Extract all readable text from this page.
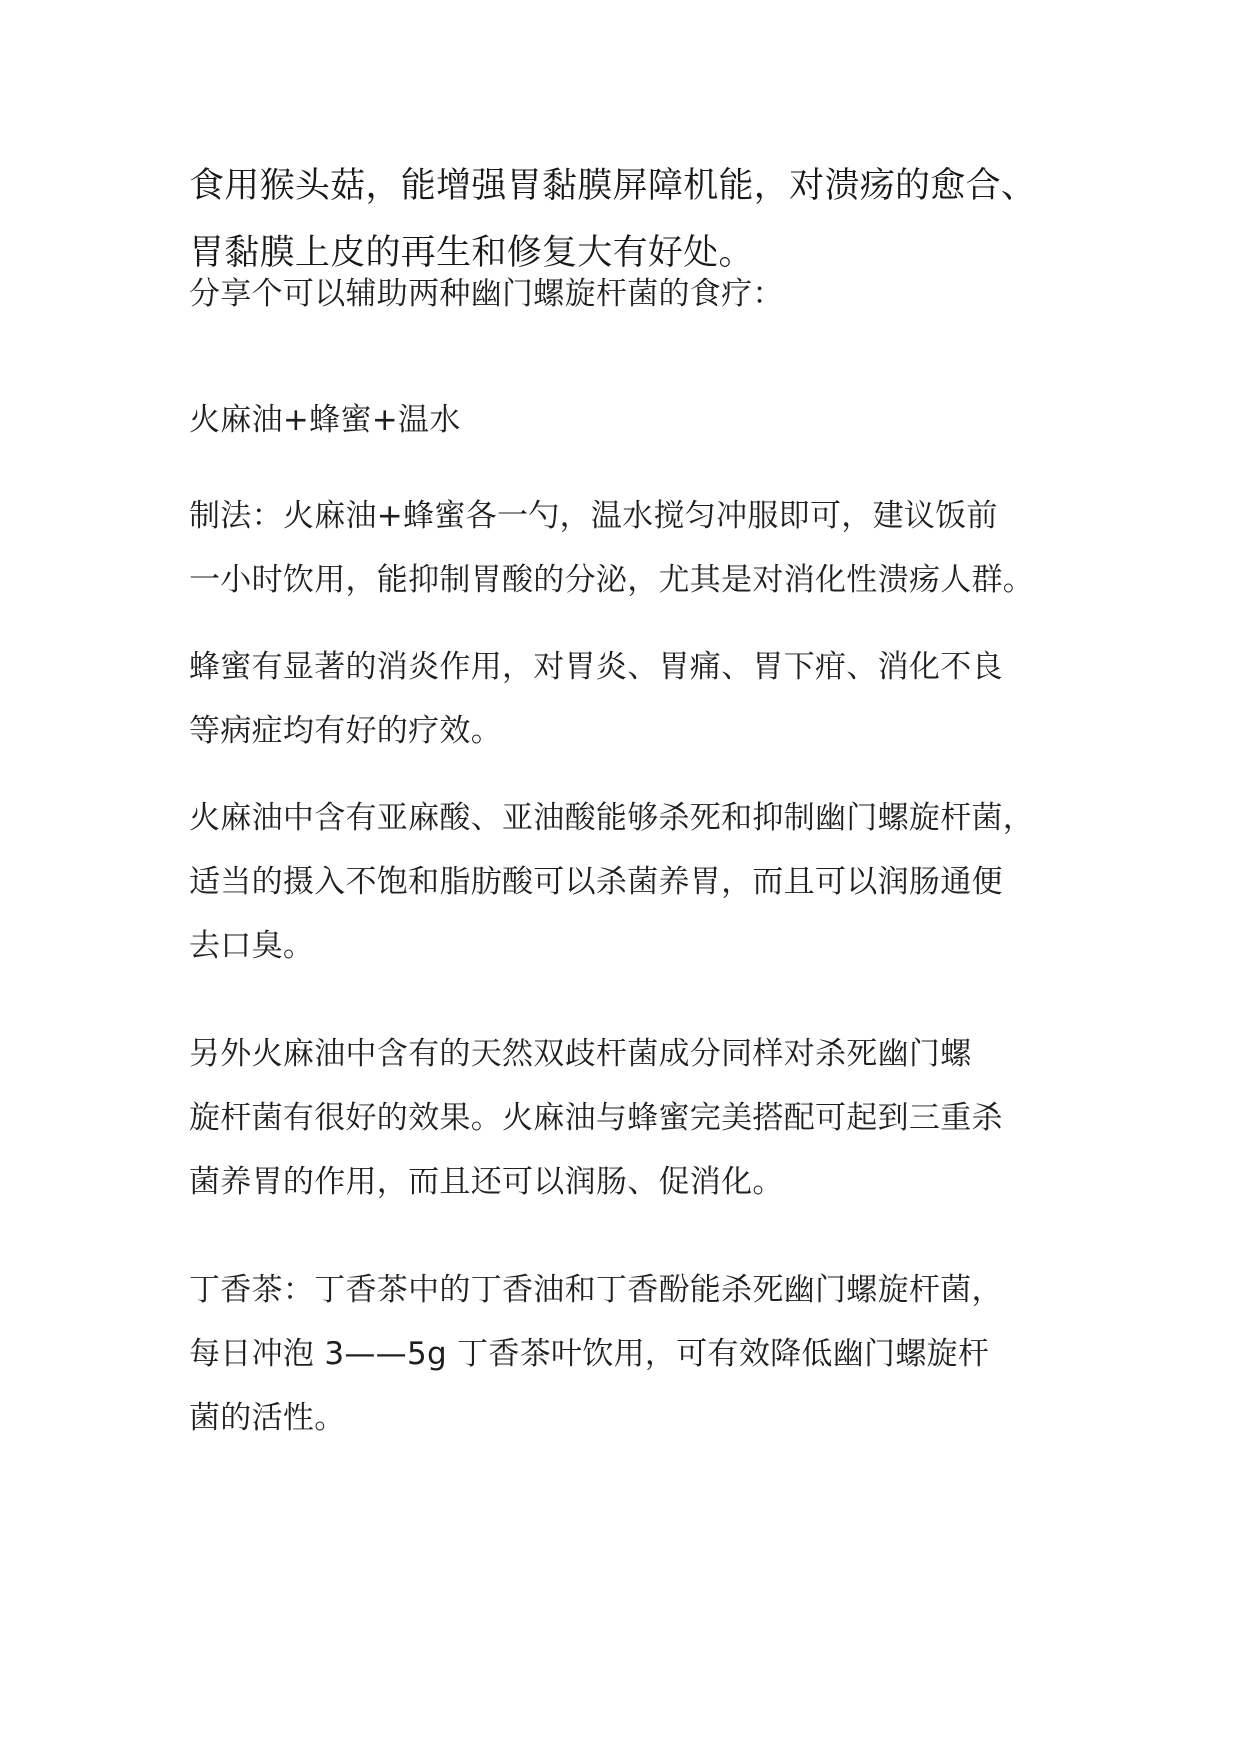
食用猴头菇，能增强胃黏膜屏障机能，对溃疡的愈合、
胃黏膜上皮的再生和修复大有好处。
分享个可以辅助两种幽门螺旋杆菌的食疗：
火麻油+蜂蜜+温水
制法：火麻油+蜂蜜各一勺，温水搅匀冲服即可，建议饭前
一小时饮用，能抑制胃酸的分泌，尤其是对消化性溃疡人群。
蜂蜜有显著的消炎作用，对胃炎、胃痛、胃下疳、消化不良
等病症均有好的疗效。
火麻油中含有亚麻酸、亚油酸能够杀死和抑制幽门螺旋杆菌，
适当的摄入不饱和脂肪酸可以杀菌养胃，而且可以润肠通便
去口臭。
另外火麻油中含有的天然双歧杆菌成分同样对杀死幽门螺
旋杆菌有很好的效果。火麻油与蜂蜜完美搭配可起到三重杀
菌养胃的作用，而且还可以润肠、促消化。
丁香茶：丁香茶中的丁香油和丁香酚能杀死幽门螺旋杆菌，
每日冲泡 3——5g 丁香茶叶饮用，可有效降低幽门螺旋杆
菌的活性。
